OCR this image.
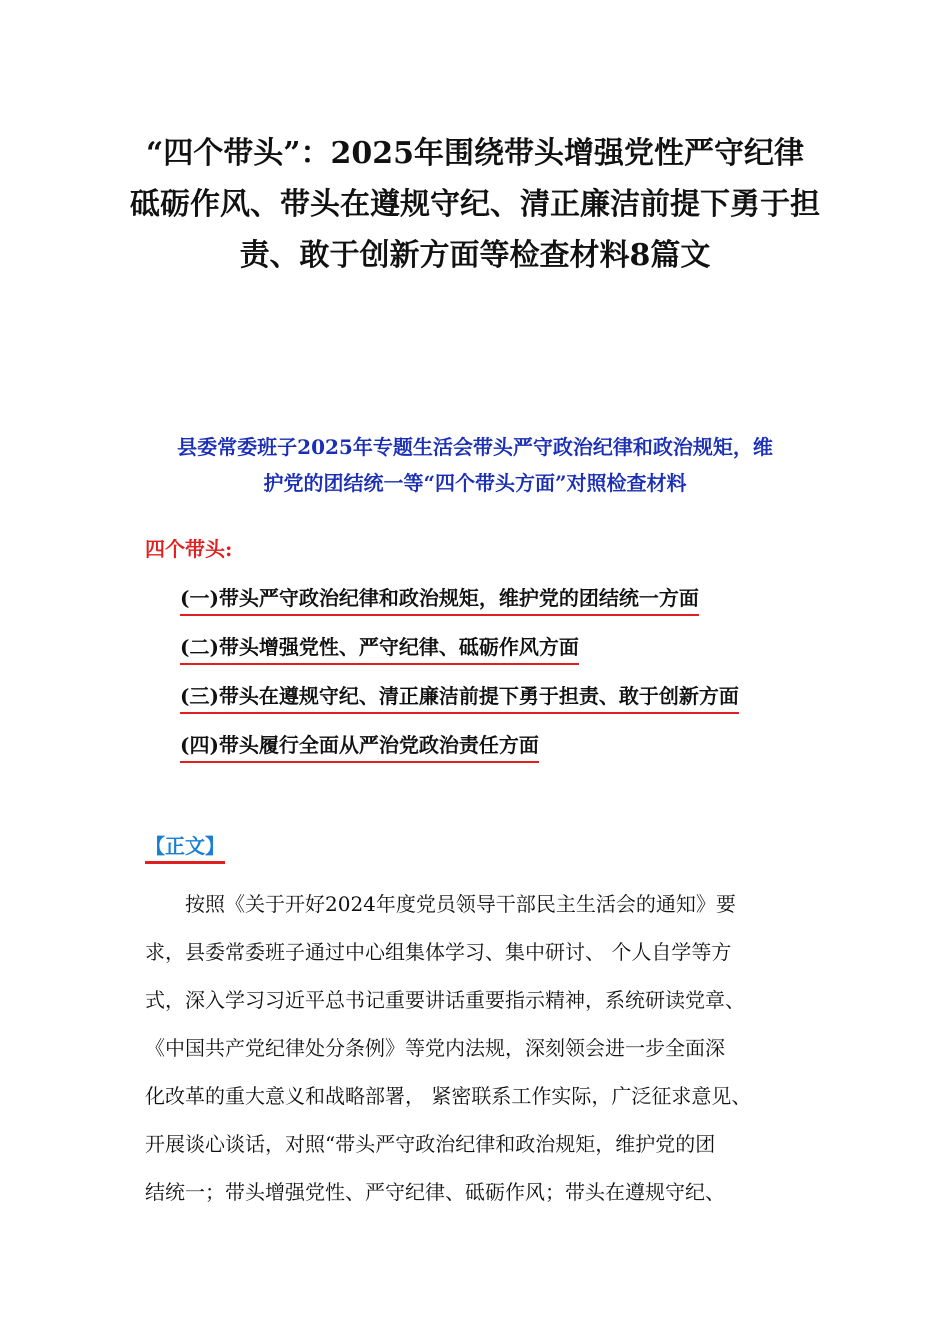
“四个带头”：2025年围绕带头增强党性严守纪律
砥砺作风、带头在遵规守纪、清正廉洁前提下勇于担
责、敢于创新方面等检查材料8篇文
县委常委班子2025年专题生活会带头严守政治纪律和政治规矩，维
护党的团结统一等“四个带头方面”对照检查材料
四个带头:
(一)带头严守政治纪律和政治规矩，维护党的团结统一方面
(二)带头增强党性、严守纪律、砥砺作风方面
(三)带头在遵规守纪、清正廉洁前提下勇于担责、敢于创新方面
(四)带头履行全面从严治党政治责任方面
【正文】
　　按照《关于开好2024年度党员领导干部民主生活会的通知》要
求，县委常委班子通过中心组集体学习、集中研讨、 个人自学等方
式，深入学习习近平总书记重要讲话重要指示精神，系统研读党章、
《中国共产党纪律处分条例》等党内法规，深刻领会进一步全面深
化改革的重大意义和战略部署， 紧密联系工作实际，广泛征求意见、
开展谈心谈话，对照“带头严守政治纪律和政治规矩，维护党的团
结统一；带头增强党性、严守纪律、砥砺作风；带头在遵规守纪、
